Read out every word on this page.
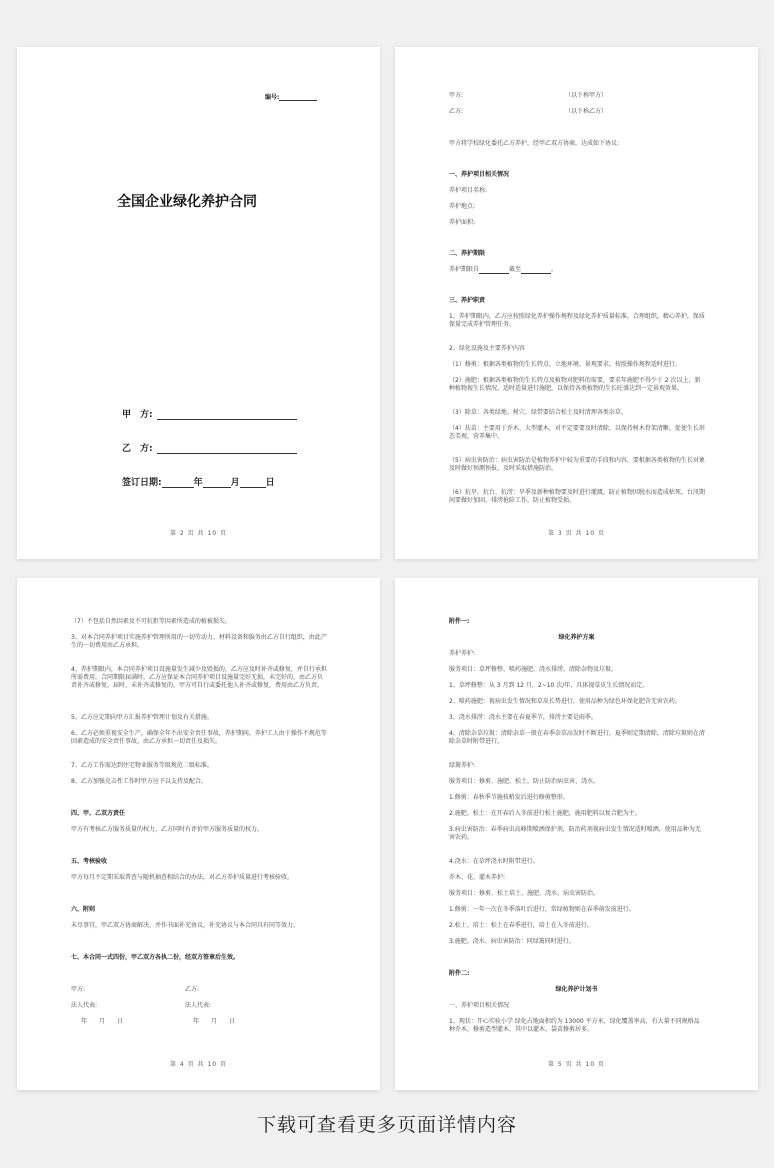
编号:
全国企业绿化养护合同
甲　方:
乙　方:
签订日期:	年	月	日
第 2 页 共 10 页
甲方:	（以下称甲方）
乙方:	（以下称乙方）
甲方将学校绿化委托乙方养护，经甲乙双方协商，达成如下协议:
一、养护项目相关情况
养护项目名称:
养护地点:
养护面积:
二、养护期限
养护期限自	截至	。
三、养护职责
1、养护期限内，乙方应按照绿化养护操作规程及绿化养护质量标准，合理组织，精心养护，保质保量完成养护管理任务。
2、绿化设施及主要养护内容
（1）修剪：根据各类植物的生长特点、立地环境、景观要求，按照操作规程适时进行。
（2）施肥：根据各类植物的生长特点及植物对肥料的需要，要求年施肥不得少于 2 次以上，新种植物视生长情况，适时适量进行施肥，以保持各类植物的生长旺盛达到一定景观效果。
（3）除草：各类绿地、树穴、绿带要结合松土及时清理各类杂草。
（4）扶苗：主要用于乔木、大型灌木，对不定要要及时清除，以保持树木骨架清晰，促使生长形态美观，营养集中。
（5）病虫害防治：病虫害防治是植物养护中较为重要的手段和内容，要根据各类植物的生长对象及时做好预测预报，及时采取措施防治。
（6）抗旱、抗台、抗涝：旱季及新种植物要及时进行灌溉，防止植物因脱水而造成枯死，台汛期间要做好加固、排涝抢险工作，防止植物受损。
第 3 页 共 10 页
（7）不包括自然因素及不可抗拒等因素所造成的植被损失。
3、对本合同养护项目实施养护管理所用的一切劳动力、材料设备和服务由乙方自行组织，由此产生的一切费用由乙方承担。
4、养护期限内，本合同养护项目设施量发生减少及毁损的，乙方应及时补齐或修复，并自行承担所需费用。合同期限届满时，乙方应保证本合同养护项目设施量完好无损，未完好的，由乙方负责补齐或修复，届时，未补齐或修复的，甲方可自行或委托他人补齐或修复，费用由乙方负责。
5、乙方应定期向甲方汇报养护管理计划及有关措施。
6、乙方必须重视安全生产，确保全年不出安全责任事故，养护期间，养护工人由于操作不规范等因素造成的安全责任事故，由乙方承担一切责任及损失。
7、乙方工作需达到住宅物业服务等级规范二级标准。
8、乙方加强克击性工作时甲方应予以支持及配合。
四、甲、乙双方责任
甲方有考核乙方服务质量的权力，乙方同时有评价甲方服务质量的权力。
五、考核验收
甲方每月不定期采取普查与随机抽查相结合的办法，对乙方养护质量进行考核验收。
六、附则
未尽事宜，甲乙双方协商解决，并作书面补充协议，补充协议与本合同具有同等效力。
七、本合同一式四份，甲乙双方各执二份，经双方签章后生效。
甲方:	乙方:
法人代表:	法人代表:
年　　月　　日	年　　月　　日
第 4 页 共 10 页
附件一:
绿化养护方案
养护养护:
服务项目：草坪修整、喷药施肥、浇水排涝、清除杂物及垃圾。
1、草坪修整：从 3 月到 12 月，2~10 次/年，具体视草皮生长情况而定。
2、喷药施肥：视病虫发生情况和草皮长势进行，使用品种为绿色环保化肥含无害农药。
3、浇水排涝：浇水主要在春夏季节，排涝主要是雨季。
4、清除杂草垃圾：清除杂草一般在春季杂草高发时不断进行，夏季则定期清除，清除垃圾则在清除杂草时附带进行。
绿篱养护:
服务项目：修剪、施肥、松土，防止防治病虫害、浇水。
1.修剪：春秋季节施枝稍发后进行修剪整形。
2.施肥、松土：在开春后入冬前进行松土施肥，施用肥料以复合肥为主。
3.病虫害防治：春季病虫高峰期喷洒保护剂，防治药剂视病虫发生情况适时喷洒，使用品种为无害农药。
4.浇水：在草坪浇水时附带进行。
乔木、花、灌木养护:
服务项目：修剪、松土培土、施肥、浇水、病虫害防治。
1.修剪：一年一次在冬季落叶后进行，常绿植物则在春季萌发前进行。
2.松土、培土：松土在春季进行，培土在入冬前进行。
3.施肥、浇水、病虫害防治：同绿篱同时进行。
附件二:
绿化养护计划书
一、养护项目相关情况
1、现状：开心实验小学 绿化占地面积约为 13000 平方米，绿化覆盖率高，有大量不同规格品种乔木，修剪造型灌木，其中以灌木、袋苗修剪居多。
第 5 页 共 10 页
下载可查看更多页面详情内容
